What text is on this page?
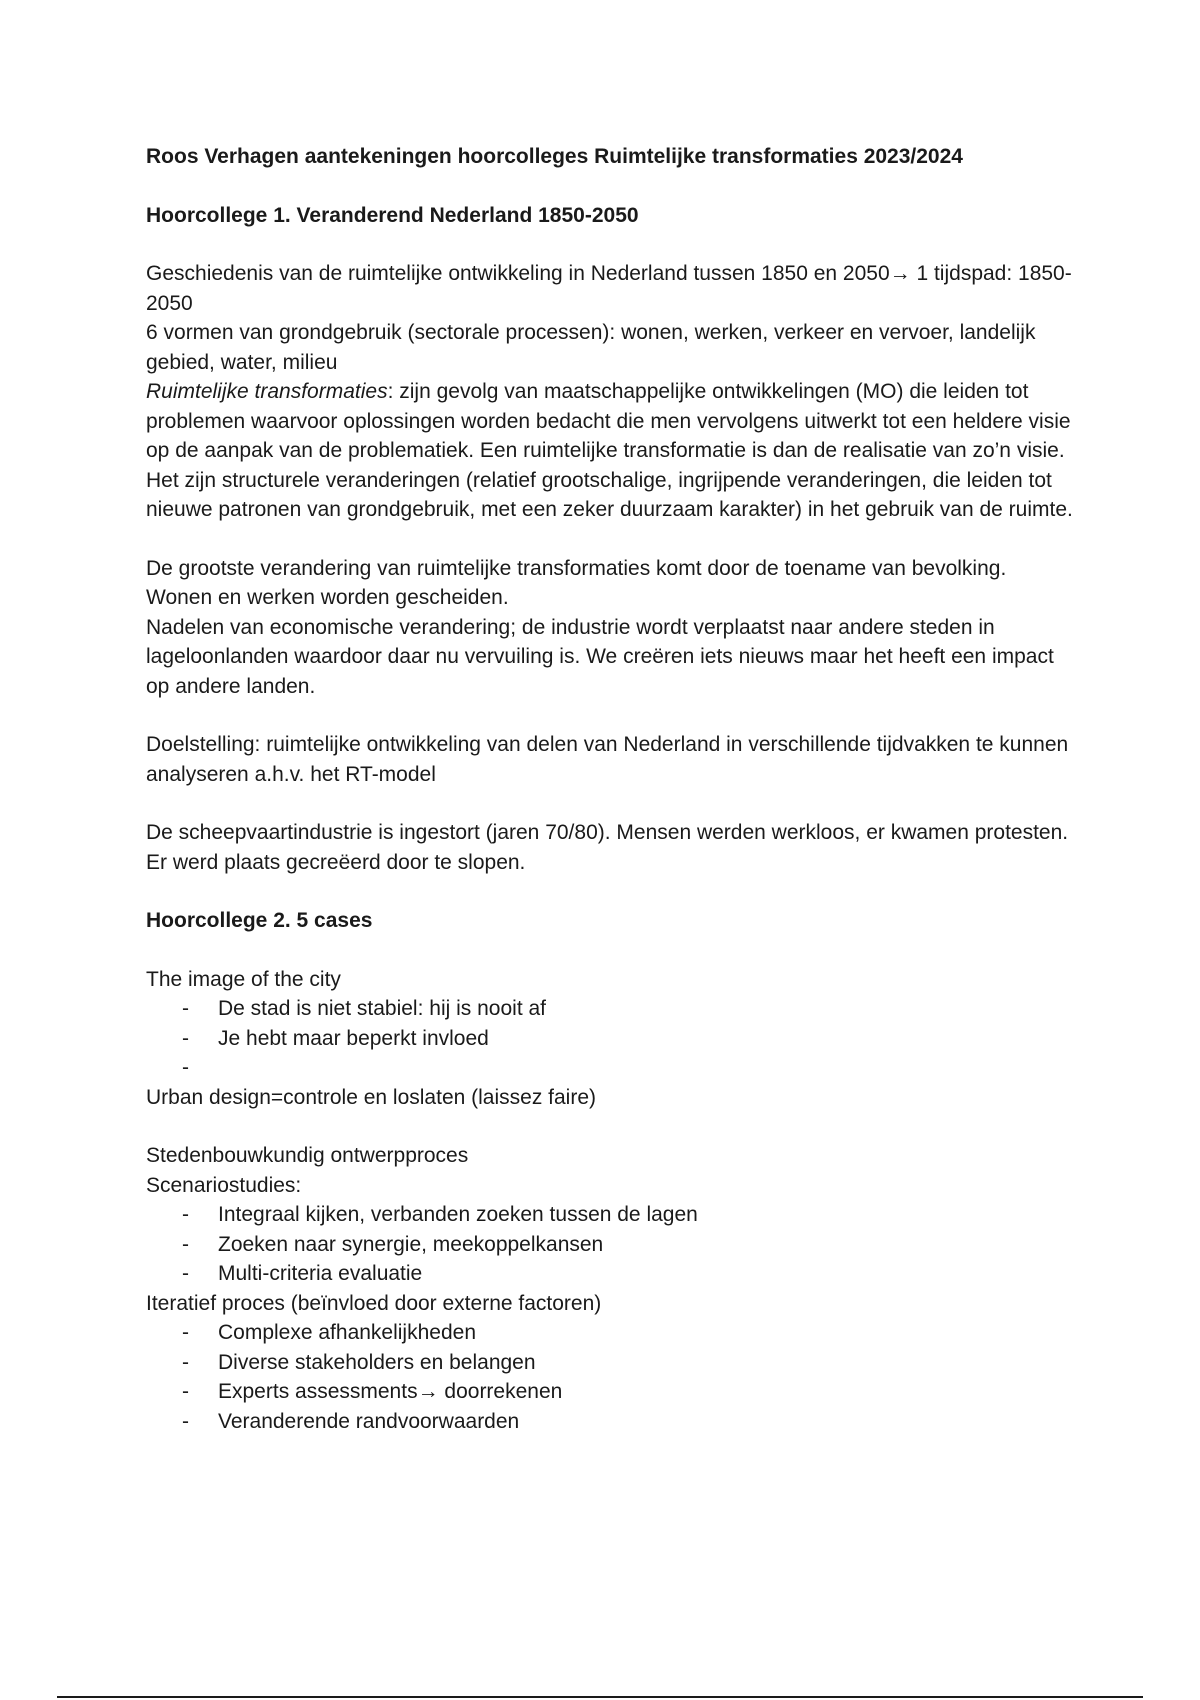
Roos Verhagen aantekeningen hoorcolleges Ruimtelijke transformaties 2023/2024

Hoorcollege 1. Veranderend Nederland 1850-2050

Geschiedenis van de ruimtelijke ontwikkeling in Nederland tussen 1850 en 2050→ 1 tijdspad: 1850-2050

6 vormen van grondgebruik (sectorale processen): wonen, werken, verkeer en vervoer, landelijk gebied, water, milieu

Ruimtelijke transformaties: zijn gevolg van maatschappelijke ontwikkelingen (MO) die leiden tot problemen waarvoor oplossingen worden bedacht die men vervolgens uitwerkt tot een heldere visie op de aanpak van de problematiek. Een ruimtelijke transformatie is dan de realisatie van zo’n visie. Het zijn structurele veranderingen (relatief grootschalige, ingrijpende veranderingen, die leiden tot nieuwe patronen van grondgebruik, met een zeker duurzaam karakter) in het gebruik van de ruimte.

De grootste verandering van ruimtelijke transformaties komt door de toename van bevolking.

Wonen en werken worden gescheiden.

Nadelen van economische verandering; de industrie wordt verplaatst naar andere steden in lageloonlanden waardoor daar nu vervuiling is. We creëren iets nieuws maar het heeft een impact op andere landen.

Doelstelling: ruimtelijke ontwikkeling van delen van Nederland in verschillende tijdvakken te kunnen analyseren a.h.v. het RT-model

De scheepvaartindustrie is ingestort (jaren 70/80). Mensen werden werkloos, er kwamen protesten. Er werd plaats gecreëerd door te slopen.

Hoorcollege 2. 5 cases

The image of the city

- De stad is niet stabiel: hij is nooit af
- Je hebt maar beperkt invloed
-

Urban design=controle en loslaten (laissez faire)

Stedenbouwkundig ontwerpproces

Scenariostudies:

- Integraal kijken, verbanden zoeken tussen de lagen
- Zoeken naar synergie, meekoppelkansen
- Multi-criteria evaluatie

Iteratief proces (beïnvloed door externe factoren)

- Complexe afhankelijkheden
- Diverse stakeholders en belangen
- Experts assessments→ doorrekenen
- Veranderende randvoorwaarden
